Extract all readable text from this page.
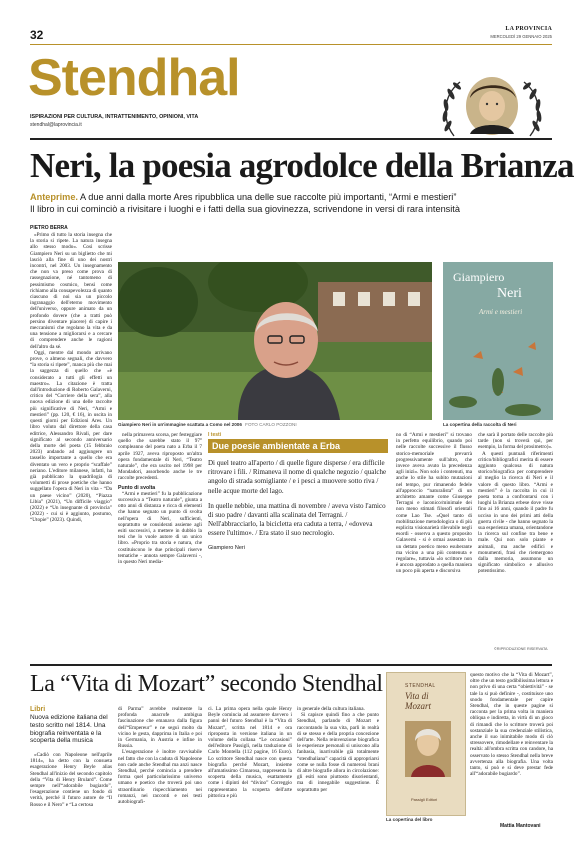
32	LA PROVINCIA
MERCOLEDÌ 29 GENNAIO 2025
Stendhal
ISPIRAZIONI PER CULTURA, INTRATTENIMENTO, OPINIONI, VITA
stendhal@laprovincia.it
Neri, la poesia agrodolce della Brianza
Anteprime. A due anni dalla morte Ares ripubblica una delle sue raccolte più importanti, “Armi e mestieri”
Il libro in cui cominciò a rivisitare i luoghi e i fatti della sua giovinezza, scrivendone in versi di rara intensità
PIETRO BERRA

«Primo di tutto la storia insegna che la storia si ripete. La natura insegna allo stesso modo». Così scrisse Giampiero Neri su un biglietto che mi lasciò alla fine di uno dei nostri incontri, nel 2003. Un insegnamento che non va preso come prova di rassegnazione, né tantomeno di pessimismo cosmico, bensì come richiamo alla consapevolezza di quanto ciascuno di noi sia un piccolo ingranaggio dell'eterno movimento dell'universo, oppure animato da un profondo dovere (che a tratti può persino diventare piacere) di capire i meccanismi che regolano la vita e da una tensione a migliorarsi e a cercare di comprendere anche le ragioni dell'altro da sé.

Oggi, mentre dal mondo arrivano prove, o almeno segnali, che davvero “la storia si ripete”, manca più che mai la saggezza di quello che «è considerato a tutti gli effetti un maestro». La citazione è tratta dall'introduzione di Roberto Galaverni, critico del “Corriere della sera”, alla nuova edizione di una delle raccolte più significative di Neri, “Armi e mestieri” (pp. 120, € 16), in uscita in questi giorni per Edizioni Ares. Un libro voluto dal direttore della casa editrice, Alessandro Rivali, per dare significato al secondo anniversario della morte del poeta (15 febbraio 2023) andando ad aggiungere un tassello importante a quello che era diventato un vero e proprio “scaffale” neriano. L'editore milanese, infatti, ha già pubblicato la quadrilogia di volumetti di prose poetiche che hanno suggellato l'opera di Neri in vita - “Da un paese vicino” (2020), “Piazza Libia” (2021), “Un difficile viaggio” (2022) e “Un insegnante di provincia” (2022) - cui si è aggiunto, postumo, “Utopie” (2023). Quindi,

Giampiero Neri in un'immagine scattata a Como nel 2006 FOTO CARLO POZZONI
Giampiero
Neri
Armi e mestieri
La copertina della raccolta di Neri

nella primavera scorsa, per festeggiare quello che sarebbe stato il 97° compleanno del poeta nato a Erba il 7 aprile 1927, aveva riproposto un'altra opera fondamentale di Neri, “Teatro naturale”, che era uscito nel 1998 per Mondadori, assorbendo anche le tre raccolte precedenti.

Punto di svolta

“Armi e mestieri” fu la pubblicazione successiva a “Teatro naturale”, giunta a otto anni di distanza e ricca di elementi che hanno segnato un punto di svolta nell'opera di Neri, sufficienti, soprattutto se considerati assieme agli esiti successivi, a mettere in dubbio la tesi che lo vuole autore di un unico libro. «Proprio tra storia e natura, che costituiscono le due principali riserve tematiche - annota sempre Galaverni -, in questo Neri media-

I testi
Due poesie ambientate a Erba
Di quel teatro all'aperto / di quelle figure disperse / era difficile ritrovare i fili. / Rimaneva il nome di qualche negozio / qualche angolo di strada somigliante / e i pesci a muovere sotto riva / nelle acque morte del lago.
In quelle nebbie, una mattina di novembre / aveva visto l'amico di suo padre / davanti alla scalinata del Terragni. / Nell'abbracciarlo, la bicicletta era caduta a terra, / «doveva essere l'ultimo». / Era stato il suo necrologio.
Giampiero Neri

no di “Armi e mestieri” si trovano in perfetto equilibrio, quando poi nelle raccolte successive il flusso storico-memoriale prevarrà progressivamente sull'altro, che invece aveva avuto la precedenza agli inizi». Non solo i contenuti, ma anche lo stile ha subito mutazioni nel tempo, pur rimanendo fedele all'approccio “naturalista” di un architetto amante come Giuseppe Terragni e laconico/minimale dei non meno stimati filosofi orientali come Lao Tse. «Quel tanto di mobilitazione metodologica o di più esplicita visionarietà rilevabile negli esordi - osserva a questo proposito Galaverni - si è ormai assestato in un dettato poetico meno esuberante ma vicino a una più contenuta e regolare», tuttavia «lo scrittore non è ancora approdato a quella maniera un poco più aperta e discorsiva

che sarà il portato delle raccolte più tarde (non si troverà qui, per esempio, la forma del prosimetro)».

A questi puntuali riferimenti critico/bibliografici merita di essere aggiunto qualcosa di natura storico/biografica per comprendere al meglio la ricerca di Neri e il valore di questo libro. “Armi e mestieri” è la raccolta in cui il poeta torna a confrontarsi con i luoghi la Brianza erbese dove visse fino ai 16 anni, quando il padre fu ucciso in uno dei primi atti della guerra civile - che hanno segnato la sua esperienza umana, orientandone la ricerca sul confine tra bene e male. Qui non solo piante e animali, ma anche edifici e monumenti, frasi che riemergono dalla memoria, assumono un significato simbolico e allusivo potentissimo.

©RIPRODUZIONE RISERVATA
La “Vita di Mozart” secondo Stendhal
Libri
Nuova edizione italiana del testo scritto nel 1814. Una biografia reinventata e la scoperta della musica

«Cadiò con Napoleone nell'aprile 1814», ha detto con la consueta esagerazione Henry Beyle alias Stendhal all'inizio del secondo capitolo della “Vita di Henry Brulard”. Come sempre nell'“adorabile bugiardo”, l'esagerazione contiene un fondo di verità, perché il futuro autore de “Il Rosso e il Nero” e “La certosa

di Parma” avrebbe realmente la profonda anacrofe ambigua fascinazione che emanava dalla figura dell'“Empereur” e ne seguì molto da vicino le gesta, dapprima in Italia e poi in Germania, in Austria e infine in Russia.

L'esagerazione è inoltre ravvisabile nel fatto che con la caduta di Napoleone non cade anche Stendhal ma anzi nasce Stendhal, perché comincia a prendere forma quel particolarissimo universo umano e poetico che troverà poi uno straordinario rispecchiamento nei romanzi, nei racconti e nei testi autobiografi-

ci. La prima opera nella quale Henry Beyle comincia ad assumere davvero i panni del futuro Stendhal è la “Vita di Mozart”, scritta nel 1814 e ora riproposta in versione italiana in un volume della collana “Le occasioni” dell'editore Passigli, nella traduzione di Carlo Montella (112 pagine, 16 Euro). Lo scrittore Stendhal nasce con questa biografia perché Mozart, insieme all'amatissimo Cimarosa, rappresenta la scoperta della musica, esattamente come i dipinti del “divino” Correggio rappresentano la scoperta dell'arte pittorica e più

in generale della cultura italiana.

Si capisce quindi fino a che punto Stendhal, parlando di Mozart e raccontando la sua vita, parli in realtà di se stesso e della propria concezione dell'arte. Nella reinvenzione biografica le esperienze personali si uniscono alla fanbasia, inarrivabile già totalmente “stendhaliana” capacità di appropriarsi come se nulla fosse di numerosi brani di altre biografie allora in circolazione: gli esiti sono piuttosto disorientanti, ma di innegabile suggestione. È soprattutto per

STENDHAL
Vita di Mozart
Passigli Editori
La copertina del libro

questo motivo che la “Vita di Mozart”, oltre che un testo godibilissima lettura e non privo di una certa “obiettività” - se tale la si può definire -, costituisce uno snodo fondamentale per capire Stendhal, che in queste pagine si racconta per la prima volta in maniera obliqua e indiretta, in virtù di un gioco di rimandi che lo scrittore troverà poi sostanziale la sua credenziale stilistica, anche il suo inimitabile modo di ciò stressovere, rimodellare e reinventare la realtà: all'ombra scritta con candore, ha osservato lo stesso Stendhal nella breve avvertenza alla biografia. Una volta tanto, si può e si deve prestar fede all'“adorabile bugiardo”.

Mattia Mantovani
